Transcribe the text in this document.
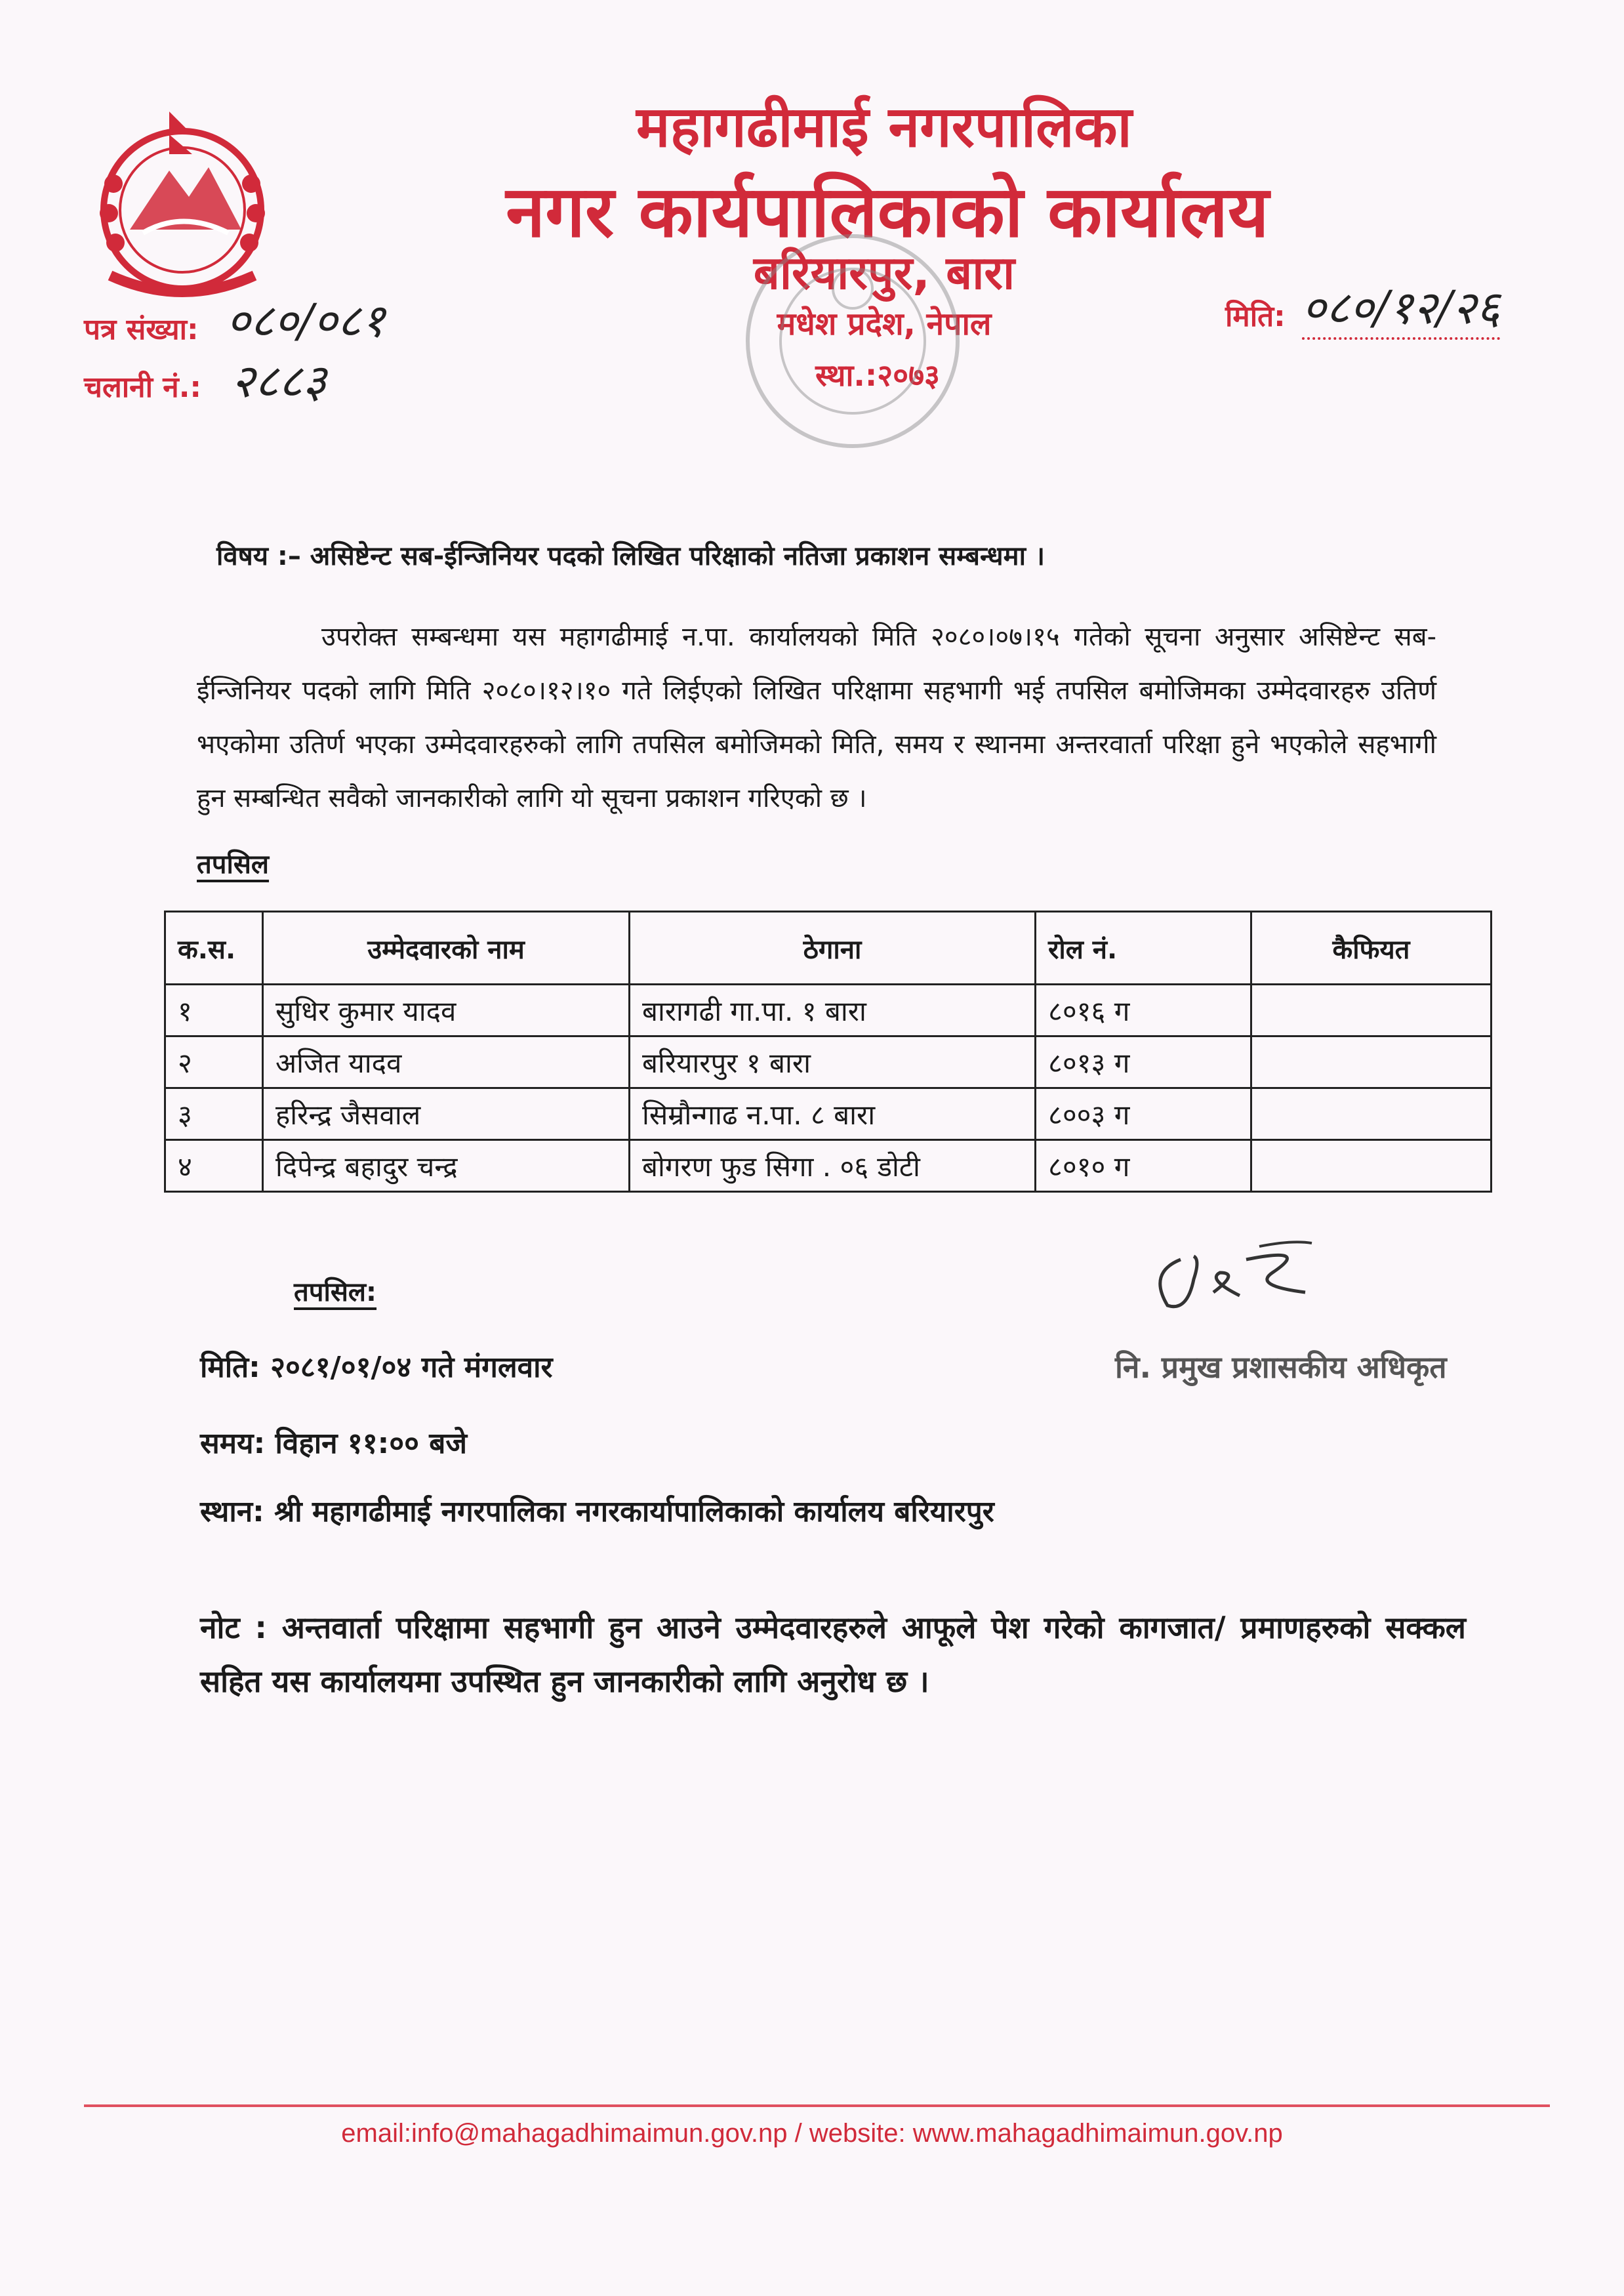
महागढीमाई नगरपालिका
नगर कार्यपालिकाको कार्यालय
बरियारपुर, बारा
मधेश प्रदेश, नेपाल
स्था.:२०७३
पत्र संख्या: ०८०/०८१
चलानी नं.: २८८३
मिति: ०८०/१२/२६
विषय :– असिष्टेन्ट सब-ईन्जिनियर पदको लिखित परिक्षाको नतिजा प्रकाशन सम्बन्धमा ।
उपरोक्त सम्बन्धमा यस महागढीमाई न.पा. कार्यालयको मिति २०८०।०७।१५ गतेको सूचना अनुसार असिष्टेन्ट सब-ईन्जिनियर पदको लागि मिति २०८०।१२।१० गते लिईएको लिखित परिक्षामा सहभागी भई तपसिल बमोजिमका उम्मेदवारहरु उतिर्ण भएकोमा उतिर्ण भएका उम्मेदवारहरुको लागि तपसिल बमोजिमको मिति, समय र स्थानमा अन्तरवार्ता परिक्षा हुने भएकोले सहभागी हुन सम्बन्धित सवैको जानकारीको लागि यो सूचना प्रकाशन गरिएको छ ।
तपसिल
क.स.	उम्मेदवारको नाम	ठेगाना	रोल नं.	कैफियत
१	सुधिर कुमार यादव	बारागढी गा.पा. १ बारा	८०१६ ग	
२	अजित यादव	बरियारपुर १ बारा	८०१३ ग	
३	हरिन्द्र जैसवाल	सिम्रौन्गाढ न.पा. ८ बारा	८००३ ग	
४	दिपेन्द्र बहादुर चन्द्र	बोगरण फुड सिगा . ०६ डोटी	८०१० ग	
तपसिल:
मिति: २०८१/०१/०४ गते मंगलवार
समय: विहान ११:०० बजे
स्थान: श्री महागढीमाई नगरपालिका नगरकार्यापालिकाको कार्यालय बरियारपुर
नि. प्रमुख प्रशासकीय अधिकृत
नोट : अन्तवार्ता परिक्षामा सहभागी हुन आउने उम्मेदवारहरुले आफूले पेश गरेको कागजात/ प्रमाणहरुको सक्कल सहित यस कार्यालयमा उपस्थित हुन जानकारीको लागि अनुरोध छ ।
email:info@mahagadhimaimun.gov.np / website: www.mahagadhimaimun.gov.np
